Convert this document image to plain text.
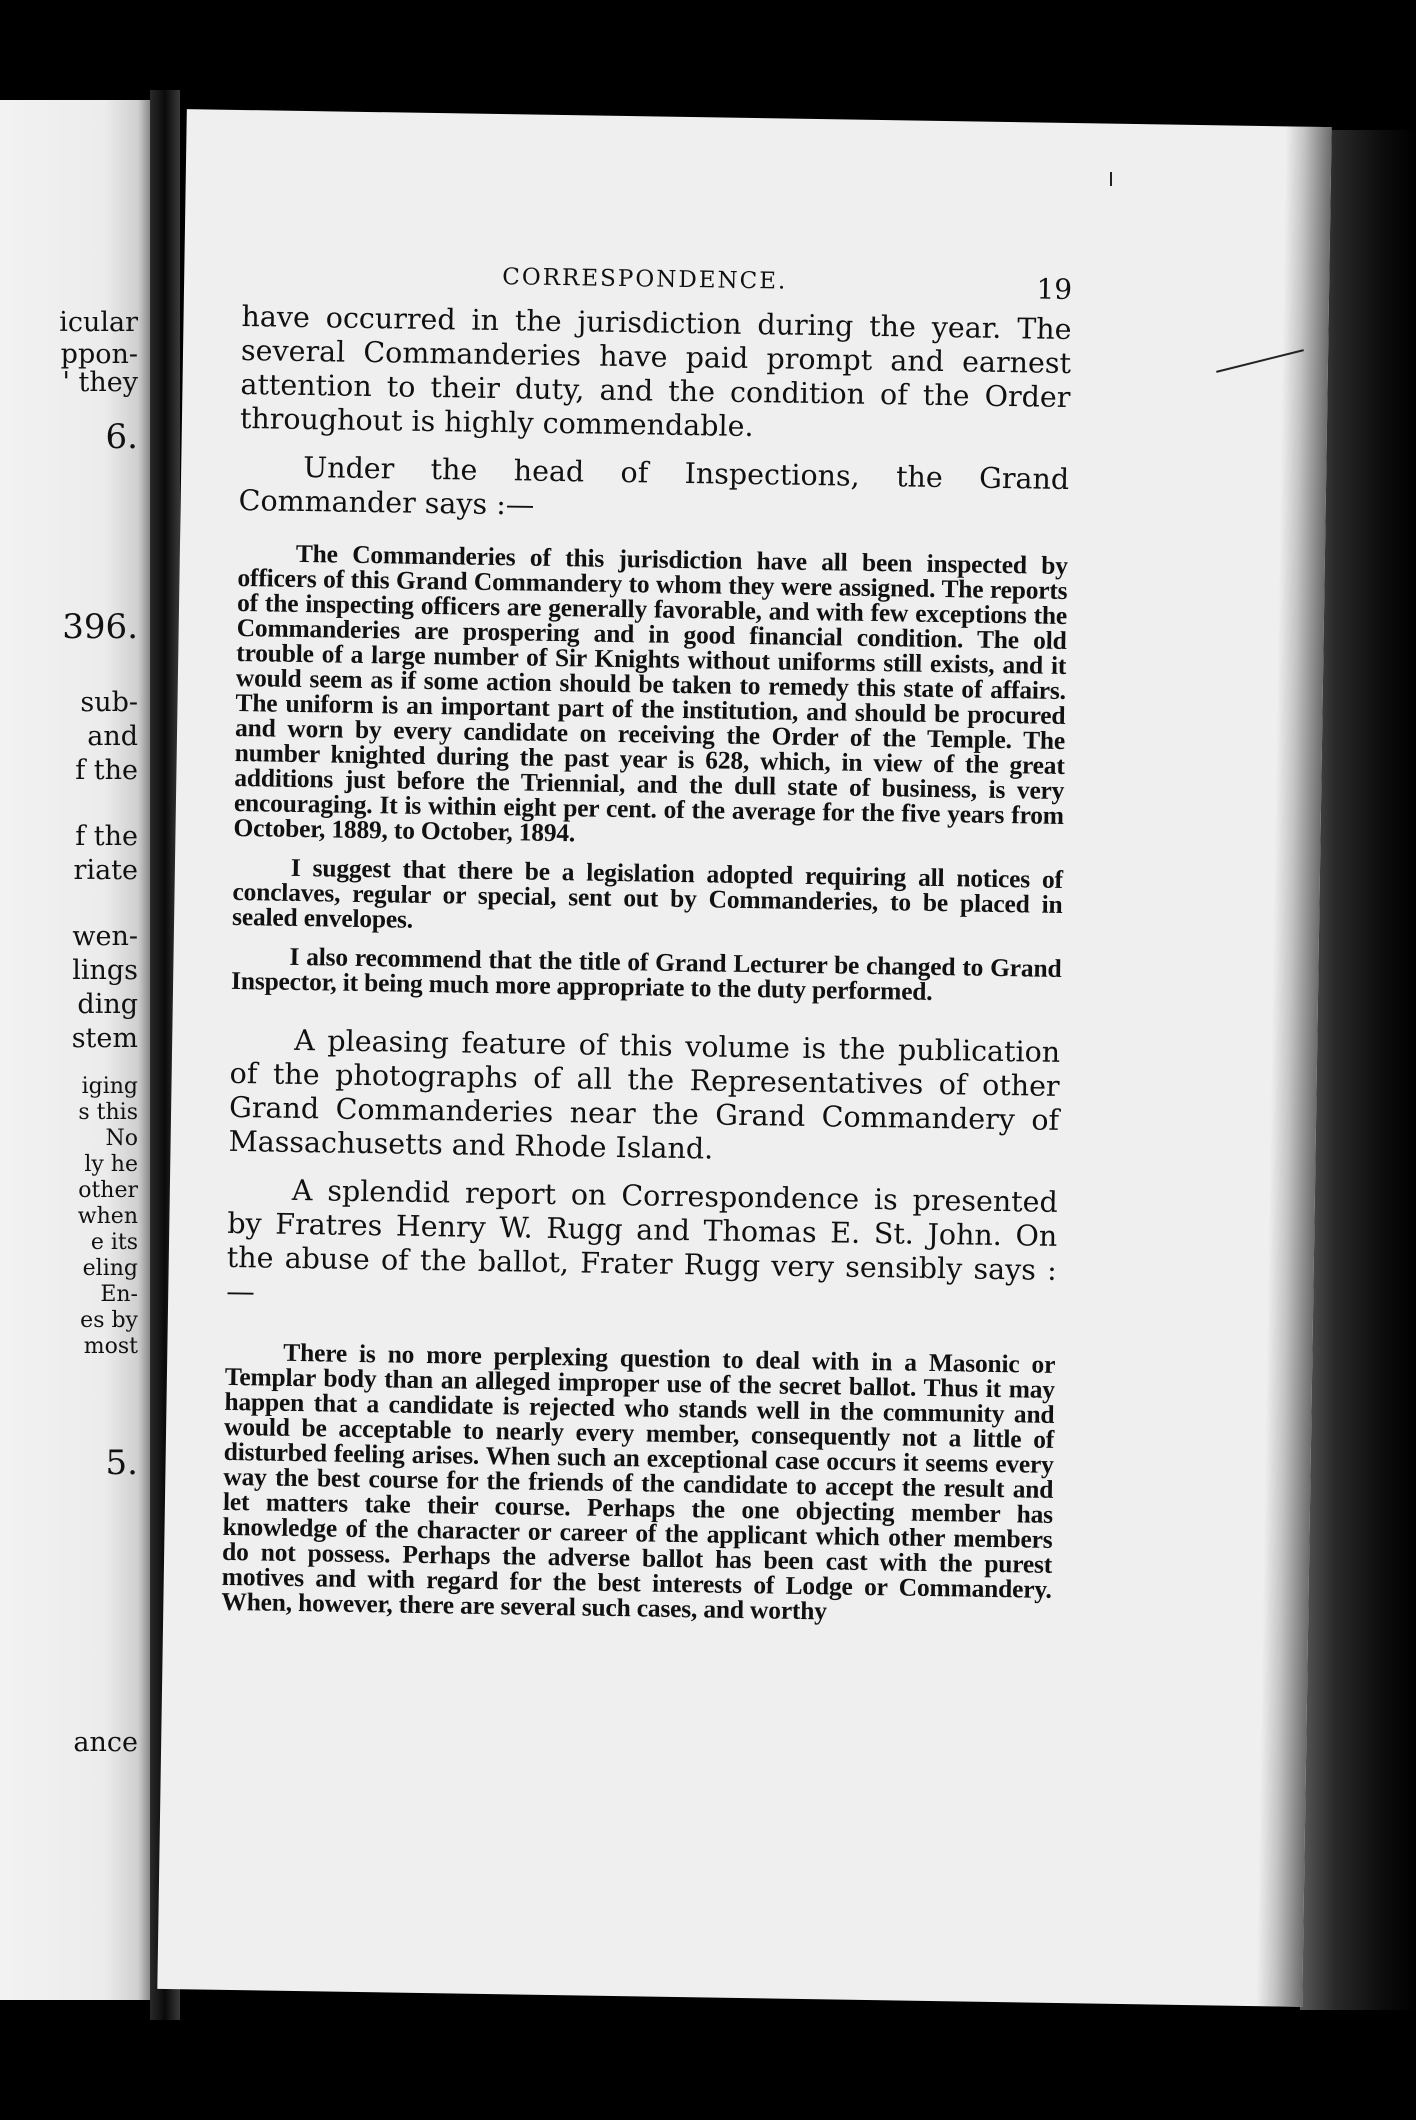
icular
ppon-
' they
6.
396.
sub-
and
f the
f the
riate
wen-
lings
ding
stem
iging
s this
No
ly he
other
when
e its
eling
En-
es by
most
5.
ance
CORRESPONDENCE.	19

have occurred in the jurisdiction during the year. The several Commanderies have paid prompt and earnest attention to their duty, and the condition of the Order throughout is highly commendable.

Under the head of Inspections, the Grand Commander says :—

The Commanderies of this jurisdiction have all been inspected by officers of this Grand Commandery to whom they were assigned. The reports of the inspecting officers are generally favorable, and with few exceptions the Commanderies are prospering and in good financial condition. The old trouble of a large number of Sir Knights without uniforms still exists, and it would seem as if some action should be taken to remedy this state of affairs. The uniform is an important part of the institution, and should be procured and worn by every candidate on receiving the Order of the Temple. The number knighted during the past year is 628, which, in view of the great additions just before the Triennial, and the dull state of business, is very encouraging. It is within eight per cent. of the average for the five years from October, 1889, to October, 1894.

I suggest that there be a legislation adopted requiring all notices of conclaves, regular or special, sent out by Commanderies, to be placed in sealed envelopes.

I also recommend that the title of Grand Lecturer be changed to Grand Inspector, it being much more appropriate to the duty performed.

A pleasing feature of this volume is the publication of the photographs of all the Representatives of other Grand Commanderies near the Grand Commandery of Massachusetts and Rhode Island.

A splendid report on Correspondence is presented by Fratres Henry W. Rugg and Thomas E. St. John. On the abuse of the ballot, Frater Rugg very sensibly says :—

There is no more perplexing question to deal with in a Masonic or Templar body than an alleged improper use of the secret ballot. Thus it may happen that a candidate is rejected who stands well in the community and would be acceptable to nearly every member, consequently not a little of disturbed feeling arises. When such an exceptional case occurs it seems every way the best course for the friends of the candidate to accept the result and let matters take their course. Perhaps the one objecting member has knowledge of the character or career of the applicant which other members do not possess. Perhaps the adverse ballot has been cast with the purest motives and with regard for the best interests of Lodge or Commandery. When, however, there are several such cases, and worthy
